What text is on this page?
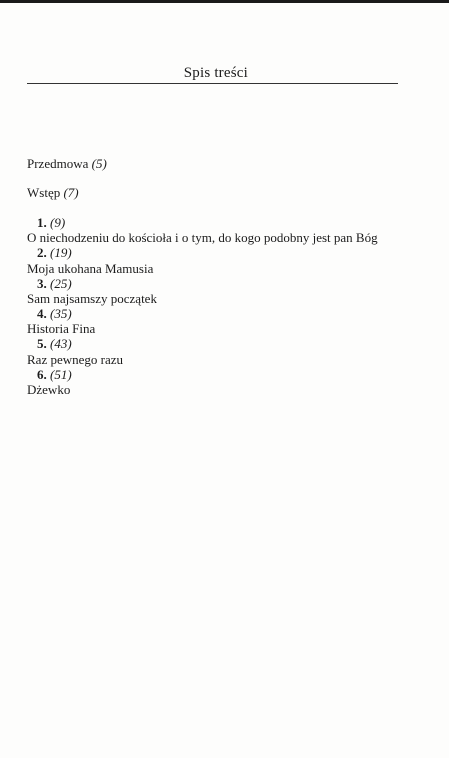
Spis treści
Przedmowa (5)
Wstęp (7)
1. (9)
O niechodzeniu do kościoła i o tym, do kogo podobny jest pan Bóg
2. (19)
Moja ukohana Mamusia
3. (25)
Sam najsamszy początek
4. (35)
Historia Fina
5. (43)
Raz pewnego razu
6. (51)
Dżewko
